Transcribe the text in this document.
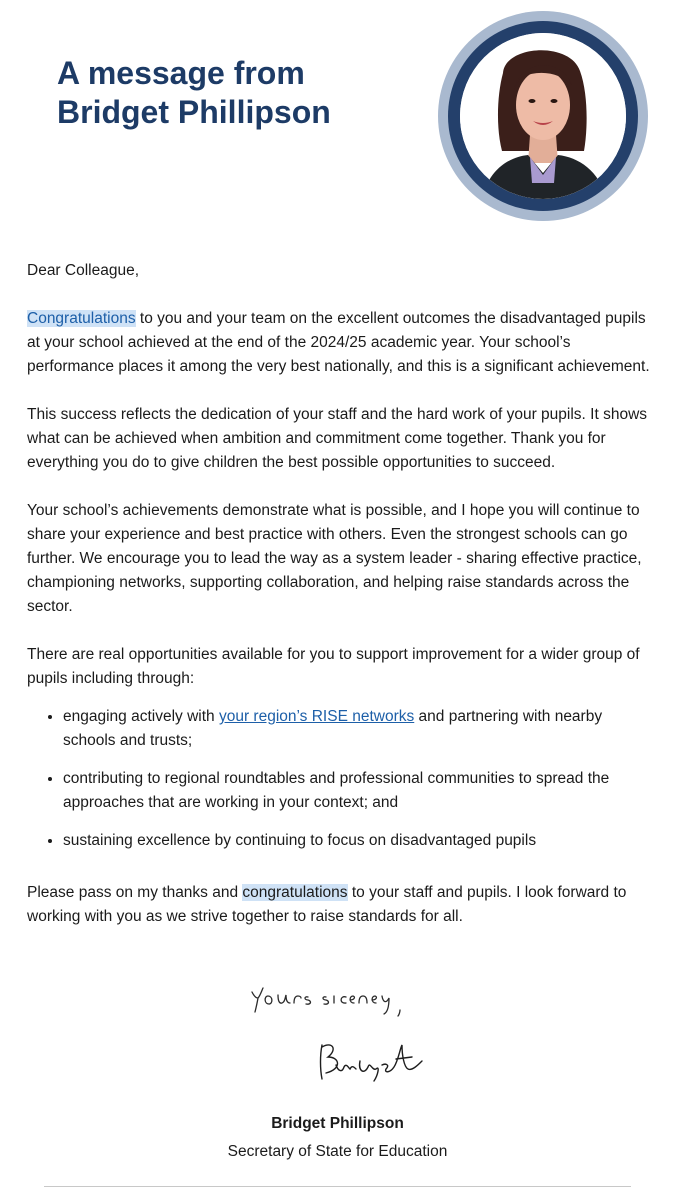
A message from
Bridget Phillipson

Dear Colleague,

Congratulations to you and your team on the excellent outcomes the disadvantaged pupils at your school achieved at the end of the 2024/25 academic year. Your school’s performance places it among the very best nationally, and this is a significant achievement.

This success reflects the dedication of your staff and the hard work of your pupils. It shows what can be achieved when ambition and commitment come together. Thank you for everything you do to give children the best possible opportunities to succeed.

Your school’s achievements demonstrate what is possible, and I hope you will continue to share your experience and best practice with others. Even the strongest schools can go further. We encourage you to lead the way as a system leader - sharing effective practice, championing networks, supporting collaboration, and helping raise standards across the sector.

There are real opportunities available for you to support improvement for a wider group of pupils including through:

• engaging actively with your region’s RISE networks and partnering with nearby schools and trusts;
• contributing to regional roundtables and professional communities to spread the approaches that are working in your context; and
• sustaining excellence by continuing to focus on disadvantaged pupils

Please pass on my thanks and congratulations to your staff and pupils. I look forward to working with you as we strive together to raise standards for all.

Bridget Phillipson
Secretary of State for Education
